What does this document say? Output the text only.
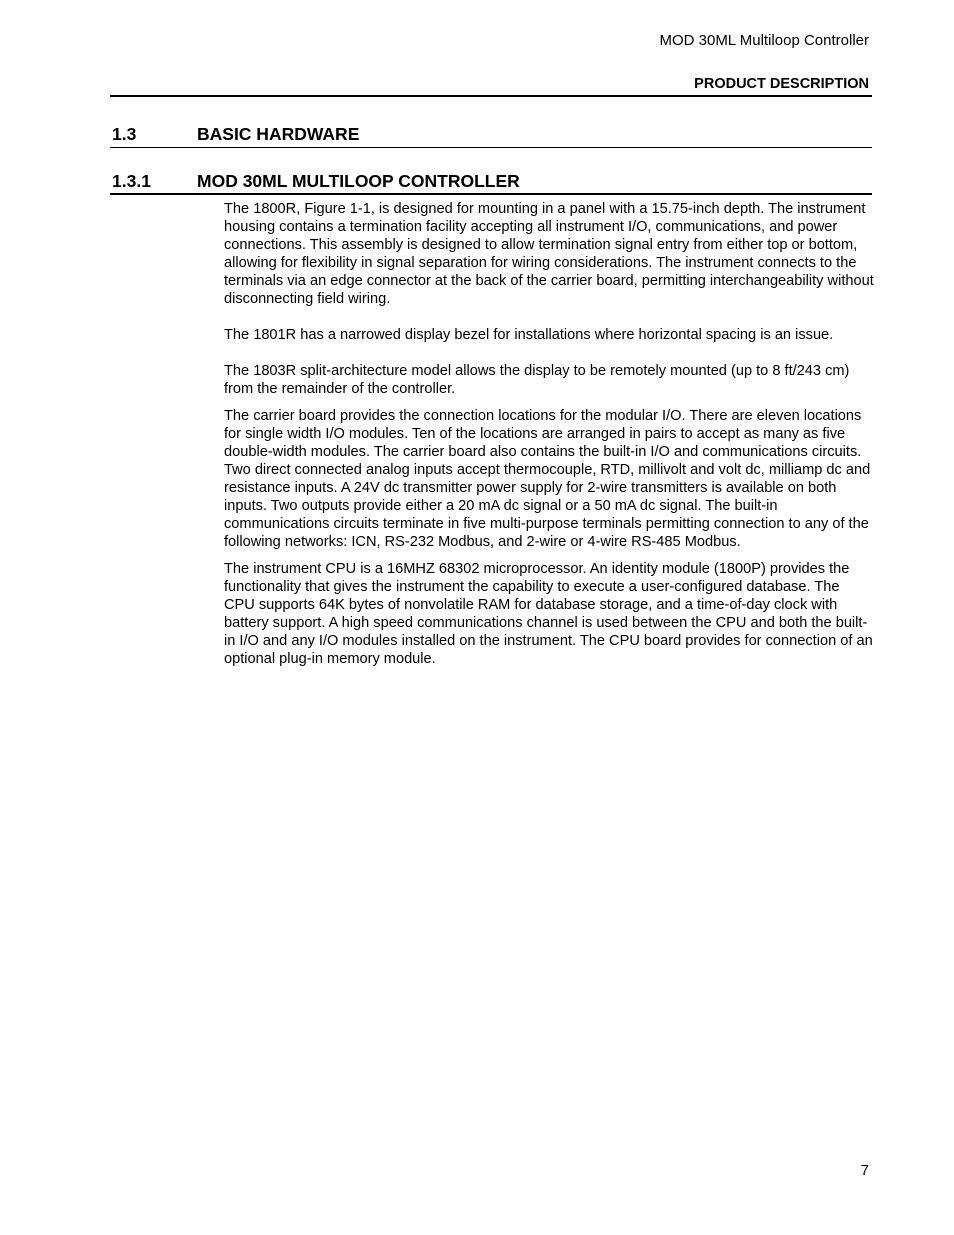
MOD 30ML Multiloop Controller
PRODUCT DESCRIPTION
1.3	BASIC HARDWARE
1.3.1	MOD 30ML MULTILOOP CONTROLLER

The 1800R, Figure 1-1, is designed for mounting in a panel with a 15.75-inch depth. The instrument housing contains a termination facility accepting all instrument I/O, communications, and power connections. This assembly is designed to allow termination signal entry from either top or bottom, allowing for flexibility in signal separation for wiring considerations. The instrument connects to the terminals via an edge connector at the back of the carrier board, permitting interchangeability without disconnecting field wiring.

The 1801R has a narrowed display bezel for installations where horizontal spacing is an issue.

The 1803R split-architecture model allows the display to be remotely mounted (up to 8 ft/243 cm) from the remainder of the controller.

The carrier board provides the connection locations for the modular I/O. There are eleven locations for single width I/O modules. Ten of the locations are arranged in pairs to accept as many as five double-width modules. The carrier board also contains the built-in I/O and communications circuits. Two direct connected analog inputs accept thermocouple, RTD, millivolt and volt dc, milliamp dc and resistance inputs. A 24V dc transmitter power supply for 2-wire transmitters is available on both inputs. Two outputs provide either a 20 mA dc signal or a 50 mA dc signal. The built-in communications circuits terminate in five multi-purpose terminals permitting connection to any of the following networks: ICN, RS-232 Modbus, and 2-wire or 4-wire RS-485 Modbus.

The instrument CPU is a 16MHZ 68302 microprocessor. An identity module (1800P) provides the functionality that gives the instrument the capability to execute a user-configured database. The CPU supports 64K bytes of nonvolatile RAM for database storage, and a time-of-day clock with battery support. A high speed communications channel is used between the CPU and both the built-in I/O and any I/O modules installed on the instrument. The CPU board provides for connection of an optional plug-in memory module.

7
